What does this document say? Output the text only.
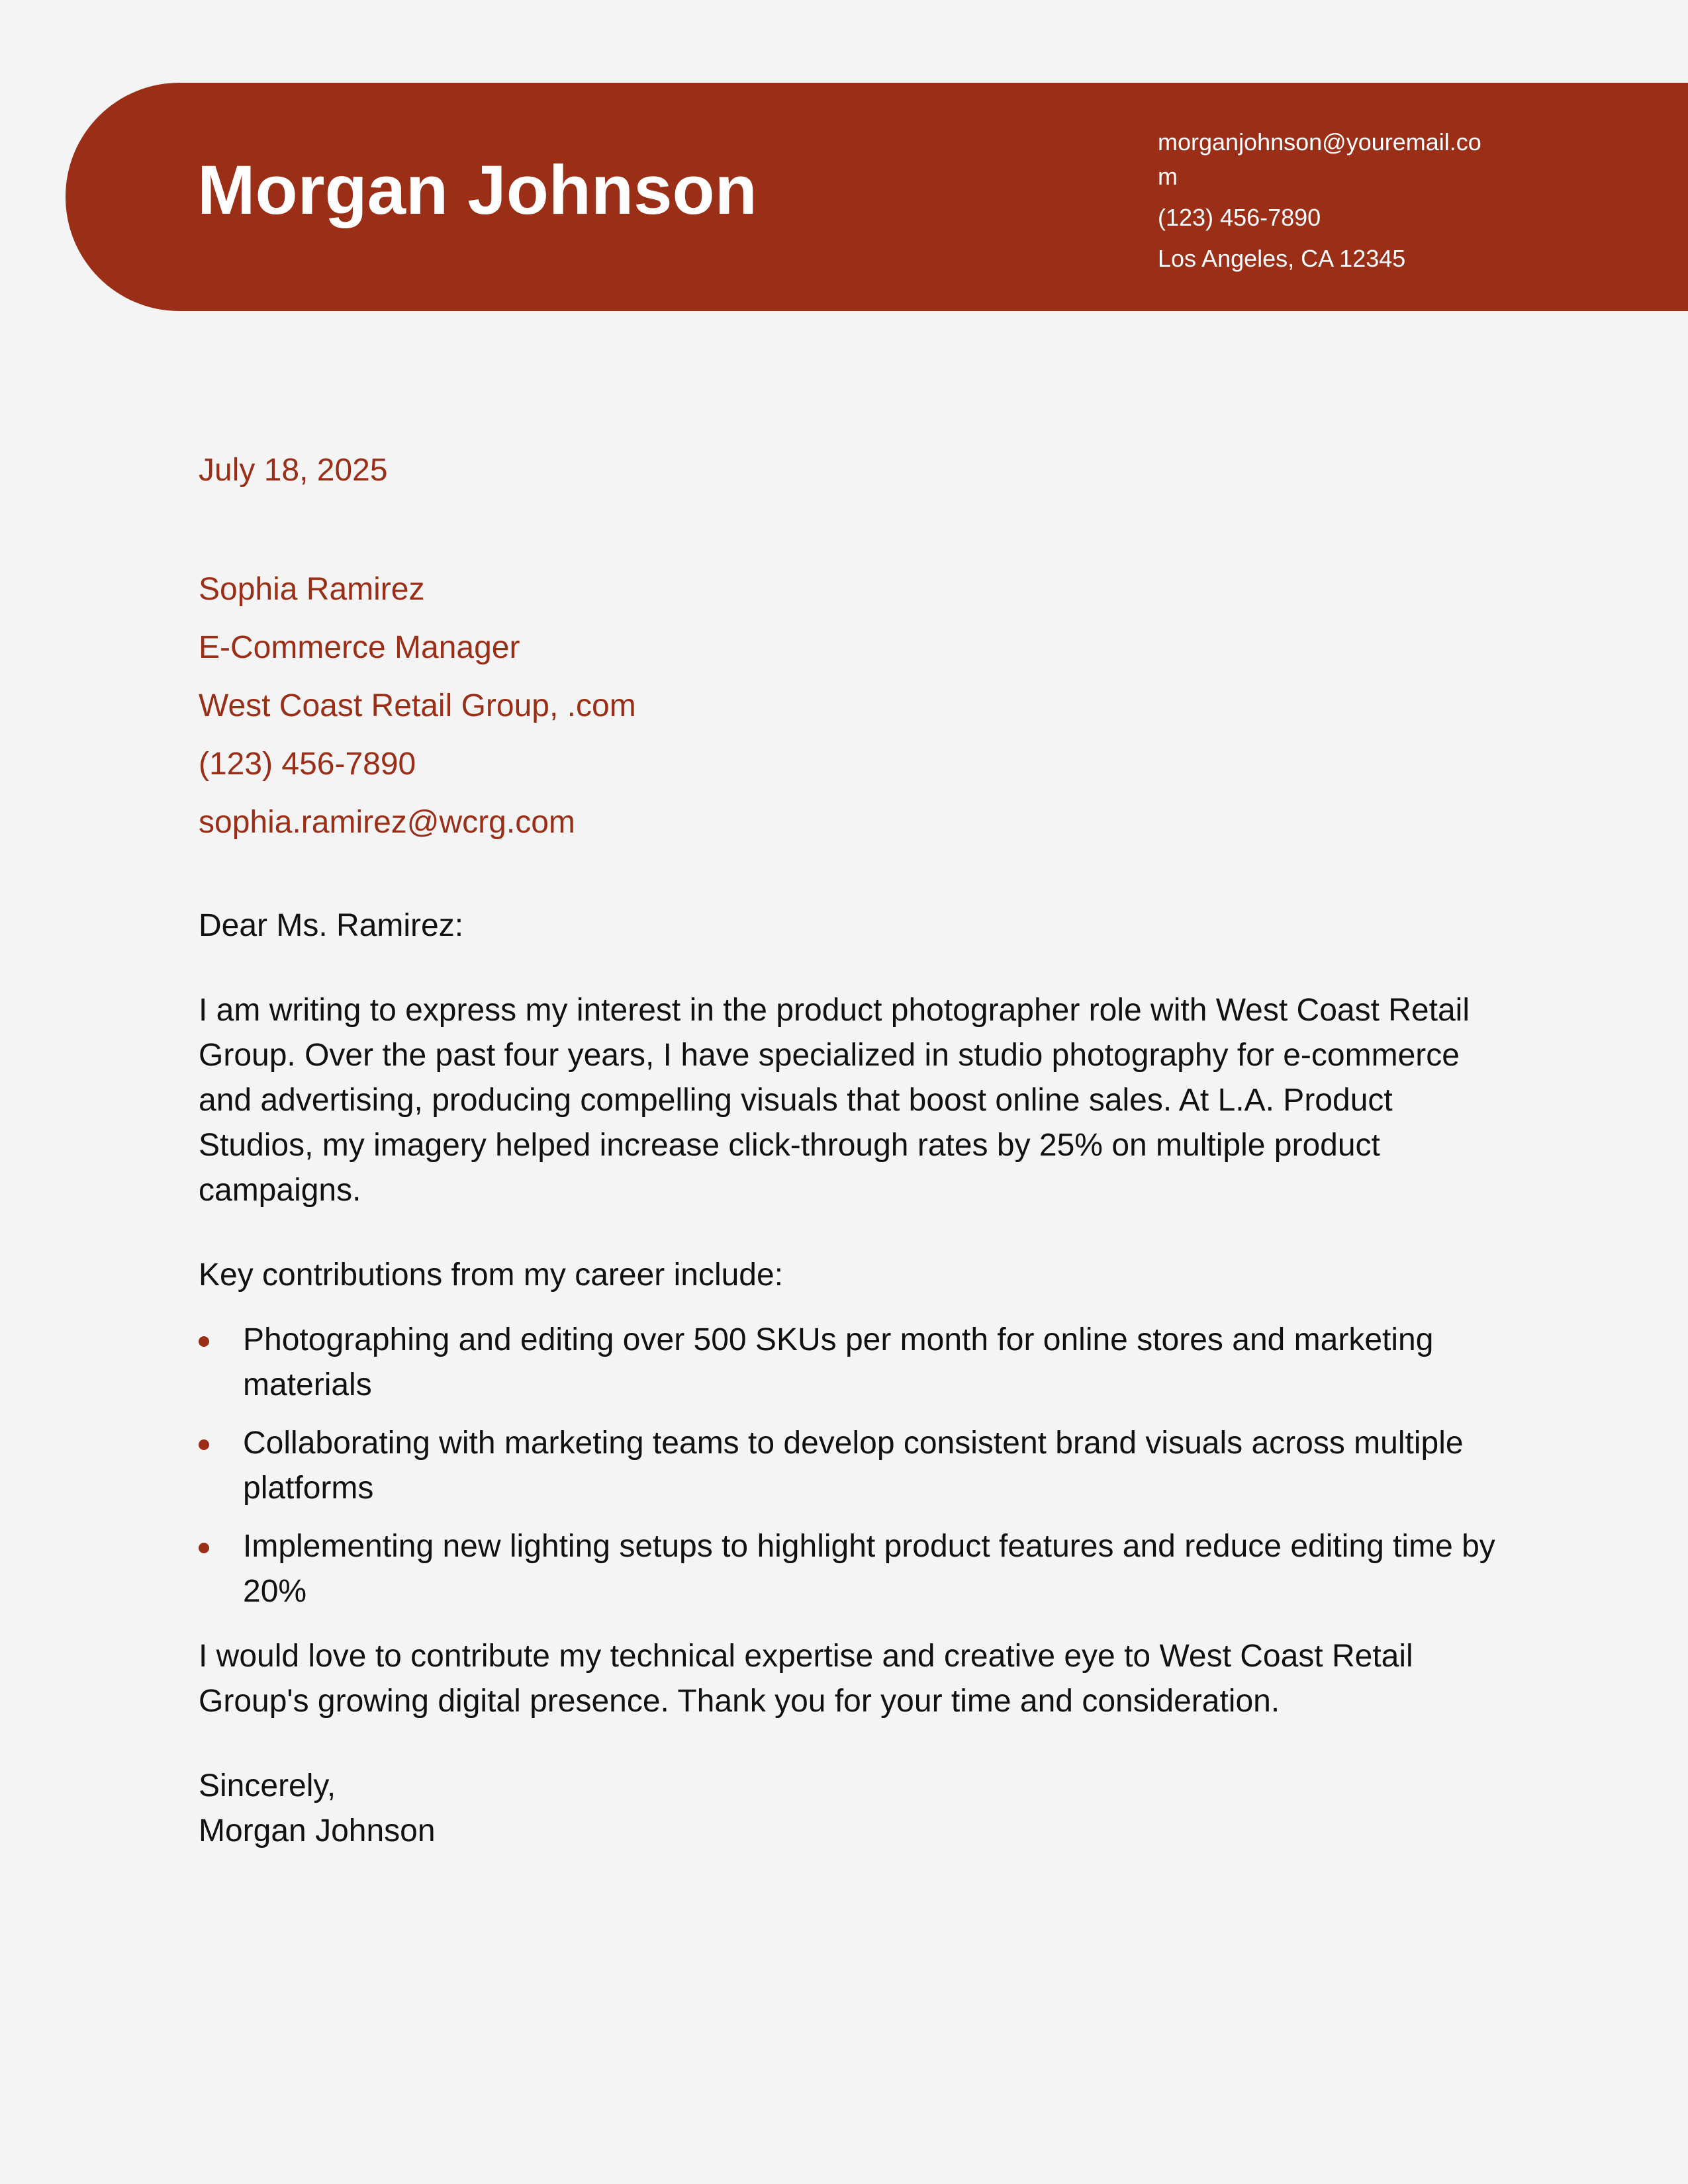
Morgan Johnson
morganjohnson@youremail.com
(123) 456-7890
Los Angeles, CA 12345
July 18, 2025
Sophia Ramirez
E-Commerce Manager
West Coast Retail Group, .com
(123) 456-7890
sophia.ramirez@wcrg.com

Dear Ms. Ramirez:

I am writing to express my interest in the product photographer role with West Coast Retail Group. Over the past four years, I have specialized in studio photography for e-commerce and advertising, producing compelling visuals that boost online sales. At L.A. Product Studios, my imagery helped increase click-through rates by 25% on multiple product campaigns.

Key contributions from my career include:

Photographing and editing over 500 SKUs per month for online stores and marketing materials
Collaborating with marketing teams to develop consistent brand visuals across multiple platforms
Implementing new lighting setups to highlight product features and reduce editing time by 20%

I would love to contribute my technical expertise and creative eye to West Coast Retail Group's growing digital presence. Thank you for your time and consideration.

Sincerely,

Morgan Johnson
